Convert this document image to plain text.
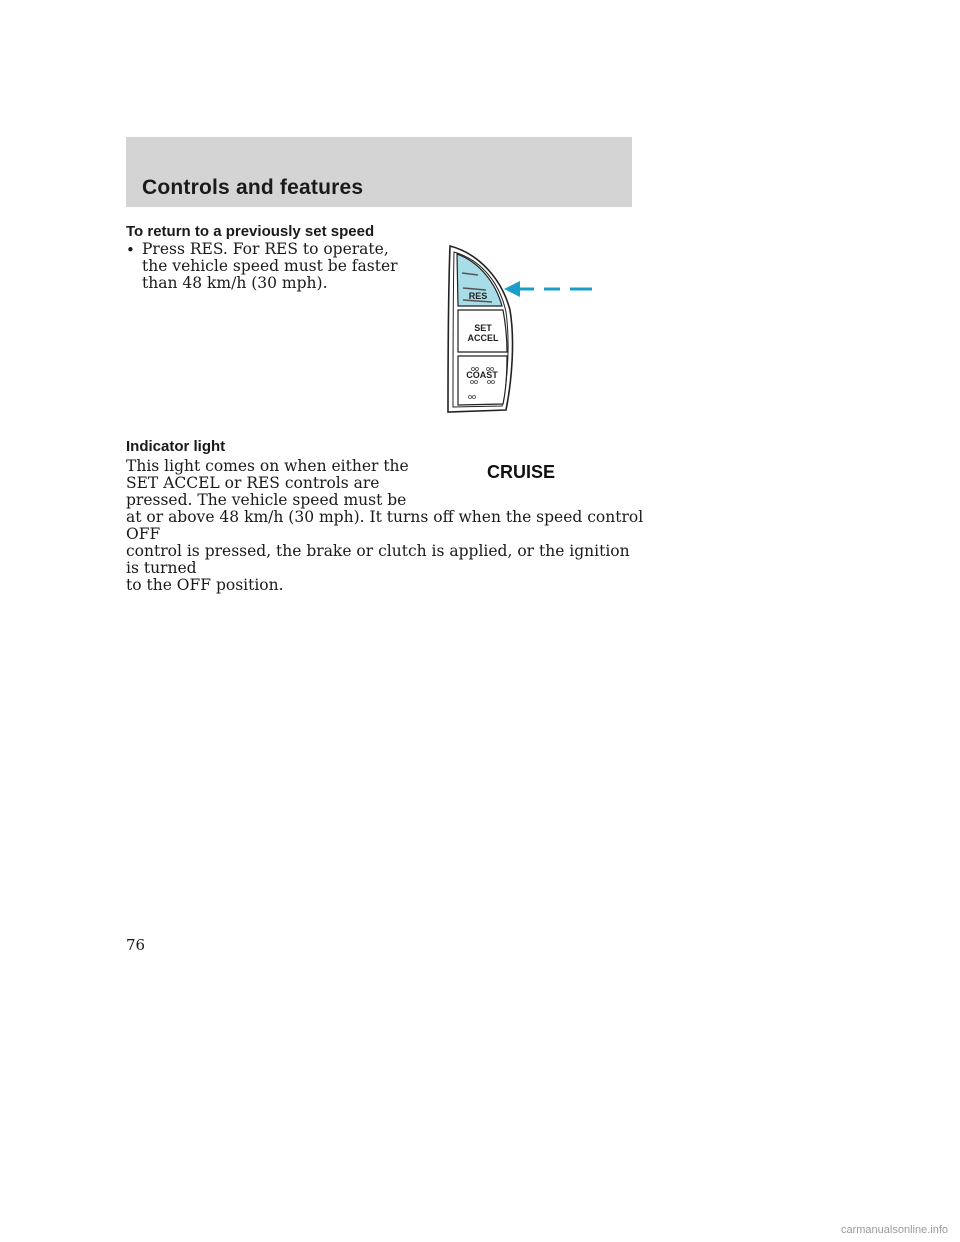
Controls and features
To return to a previously set speed
• Press RES. For RES to operate,
the vehicle speed must be faster
than 48 km/h (30 mph).
RES
SET
ACCEL
COAST
Indicator light
This light comes on when either the
SET ACCEL or RES controls are
pressed. The vehicle speed must be
at or above 48 km/h (30 mph). It turns off when the speed control OFF
control is pressed, the brake or clutch is applied, or the ignition is turned
to the OFF position.
CRUISE
76
carmanualsonline.info
